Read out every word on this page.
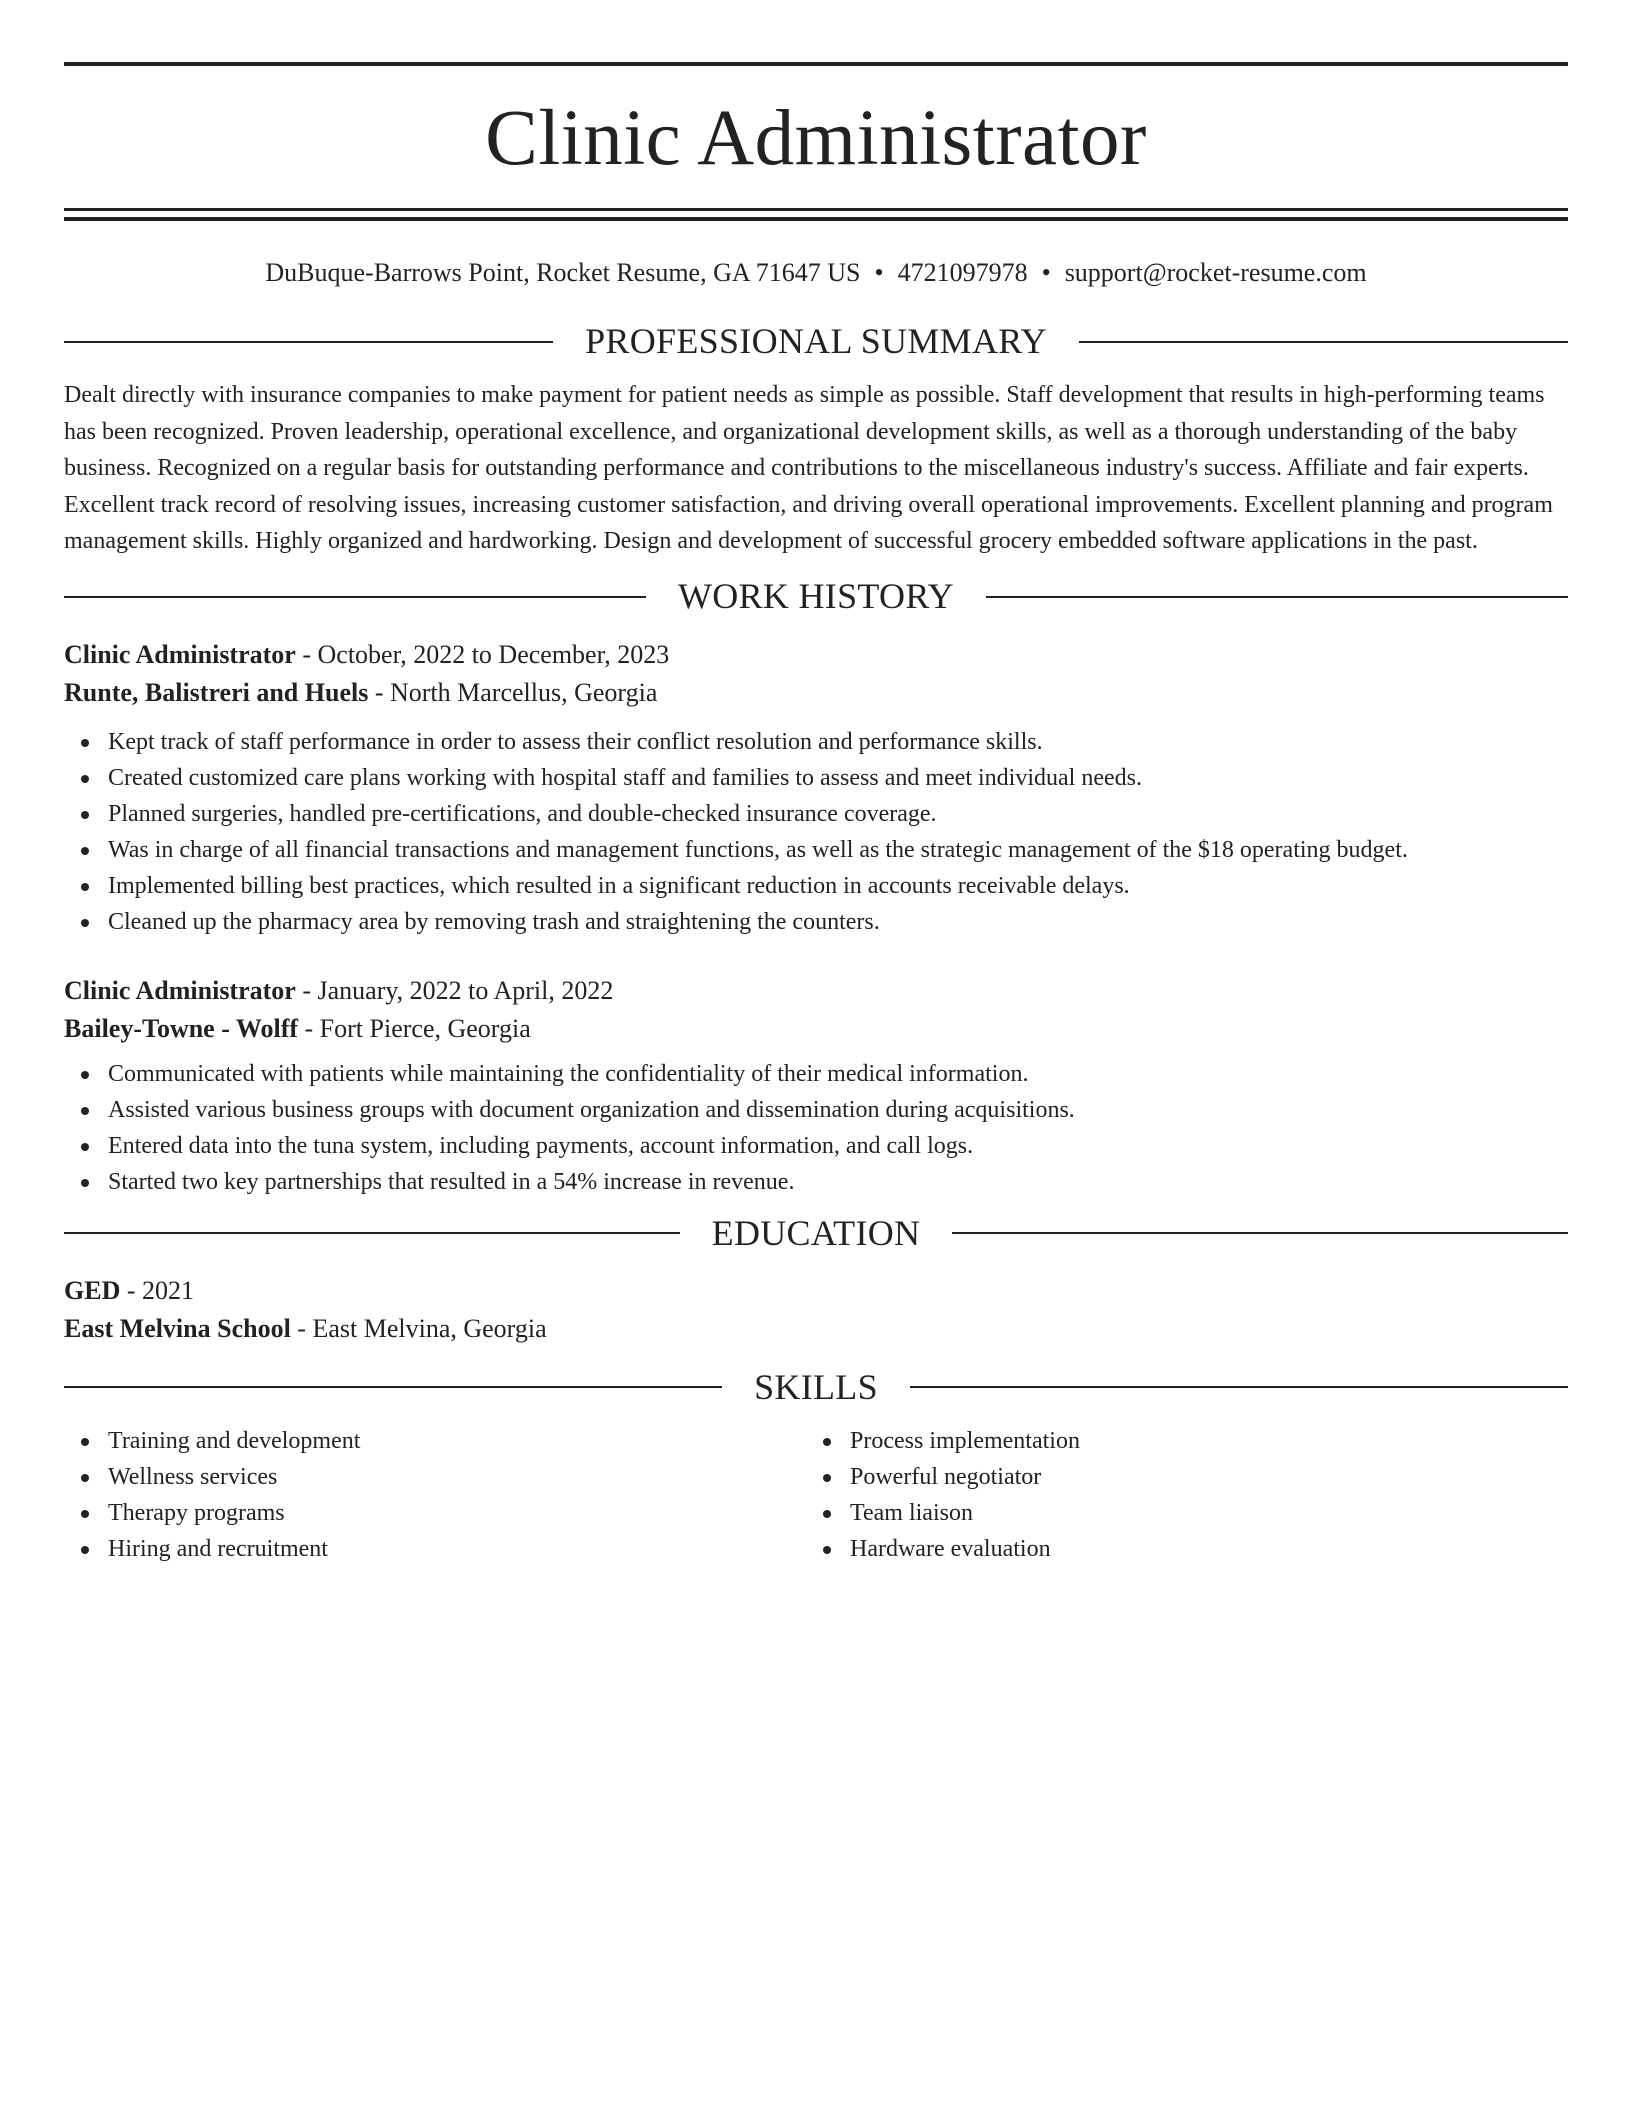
Clinic Administrator
DuBuque-Barrows Point, Rocket Resume, GA 71647 US • 4721097978 • support@rocket-resume.com
PROFESSIONAL SUMMARY

Dealt directly with insurance companies to make payment for patient needs as simple as possible. Staff development that results in high-performing teams has been recognized. Proven leadership, operational excellence, and organizational development skills, as well as a thorough understanding of the baby business. Recognized on a regular basis for outstanding performance and contributions to the miscellaneous industry's success. Affiliate and fair experts. Excellent track record of resolving issues, increasing customer satisfaction, and driving overall operational improvements. Excellent planning and program management skills. Highly organized and hardworking. Design and development of successful grocery embedded software applications in the past.

WORK HISTORY
Clinic Administrator - October, 2022 to December, 2023
Runte, Balistreri and Huels - North Marcellus, Georgia
Kept track of staff performance in order to assess their conflict resolution and performance skills.
Created customized care plans working with hospital staff and families to assess and meet individual needs.
Planned surgeries, handled pre-certifications, and double-checked insurance coverage.
Was in charge of all financial transactions and management functions, as well as the strategic management of the $18 operating budget.
Implemented billing best practices, which resulted in a significant reduction in accounts receivable delays.
Cleaned up the pharmacy area by removing trash and straightening the counters.
Clinic Administrator - January, 2022 to April, 2022
Bailey-Towne - Wolff - Fort Pierce, Georgia
Communicated with patients while maintaining the confidentiality of their medical information.
Assisted various business groups with document organization and dissemination during acquisitions.
Entered data into the tuna system, including payments, account information, and call logs.
Started two key partnerships that resulted in a 54% increase in revenue.
EDUCATION
GED - 2021
East Melvina School - East Melvina, Georgia
SKILLS
Training and development
Wellness services
Therapy programs
Hiring and recruitment
Process implementation
Powerful negotiator
Team liaison
Hardware evaluation
